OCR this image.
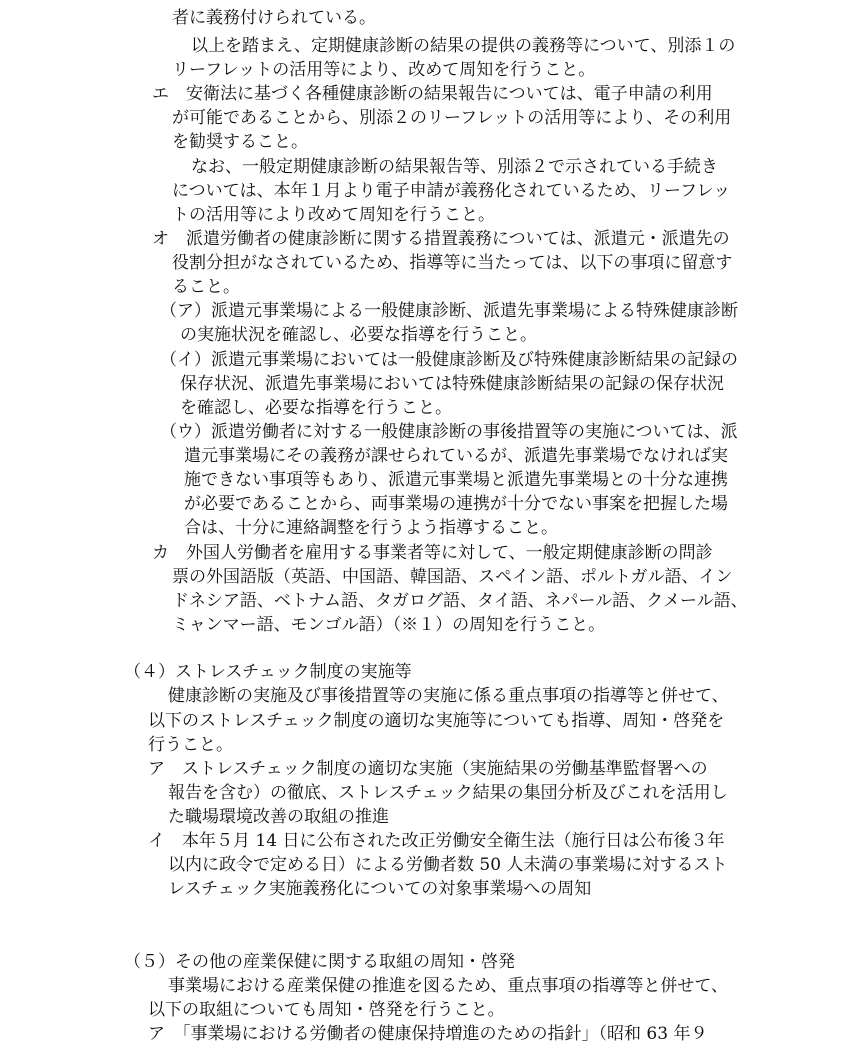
者に義務付けられている。
以上を踏まえ、定期健康診断の結果の提供の義務等について、別添１の
リーフレットの活用等により、改めて周知を行うこと。
エ　安衛法に基づく各種健康診断の結果報告については、電子申請の利用
が可能であることから、別添２のリーフレットの活用等により、その利用
を勧奨すること。
なお、一般定期健康診断の結果報告等、別添２で示されている手続き
については、本年１月より電子申請が義務化されているため、リーフレッ
トの活用等により改めて周知を行うこと。
オ　派遣労働者の健康診断に関する措置義務については、派遣元・派遣先の
役割分担がなされているため、指導等に当たっては、以下の事項に留意す
ること。
（ア）派遣元事業場による一般健康診断、派遣先事業場による特殊健康診断
の実施状況を確認し、必要な指導を行うこと。
（イ）派遣元事業場においては一般健康診断及び特殊健康診断結果の記録の
保存状況、派遣先事業場においては特殊健康診断結果の記録の保存状況
を確認し、必要な指導を行うこと。
（ウ）派遣労働者に対する一般健康診断の事後措置等の実施については、派
遣元事業場にその義務が課せられているが、派遣先事業場でなければ実
施できない事項等もあり、派遣元事業場と派遣先事業場との十分な連携
が必要であることから、両事業場の連携が十分でない事案を把握した場
合は、十分に連絡調整を行うよう指導すること。
カ　外国人労働者を雇用する事業者等に対して、一般定期健康診断の問診
票の外国語版（英語、中国語、韓国語、スペイン語、ポルトガル語、イン
ドネシア語、ベトナム語、タガログ語、タイ語、ネパール語、クメール語、
ミャンマー語、モンゴル語）（※１）の周知を行うこと。
（４）ストレスチェック制度の実施等
健康診断の実施及び事後措置等の実施に係る重点事項の指導等と併せて、
以下のストレスチェック制度の適切な実施等についても指導、周知・啓発を
行うこと。
ア　ストレスチェック制度の適切な実施（実施結果の労働基準監督署への
報告を含む）の徹底、ストレスチェック結果の集団分析及びこれを活用し
た職場環境改善の取組の推進
イ　本年５月 14 日に公布された改正労働安全衛生法（施行日は公布後３年
以内に政令で定める日）による労働者数 50 人未満の事業場に対するスト
レスチェック実施義務化についての対象事業場への周知
（５）その他の産業保健に関する取組の周知・啓発
事業場における産業保健の推進を図るため、重点事項の指導等と併せて、
以下の取組についても周知・啓発を行うこと。
ア　「事業場における労働者の健康保持増進のための指針」（昭和 63 年９
